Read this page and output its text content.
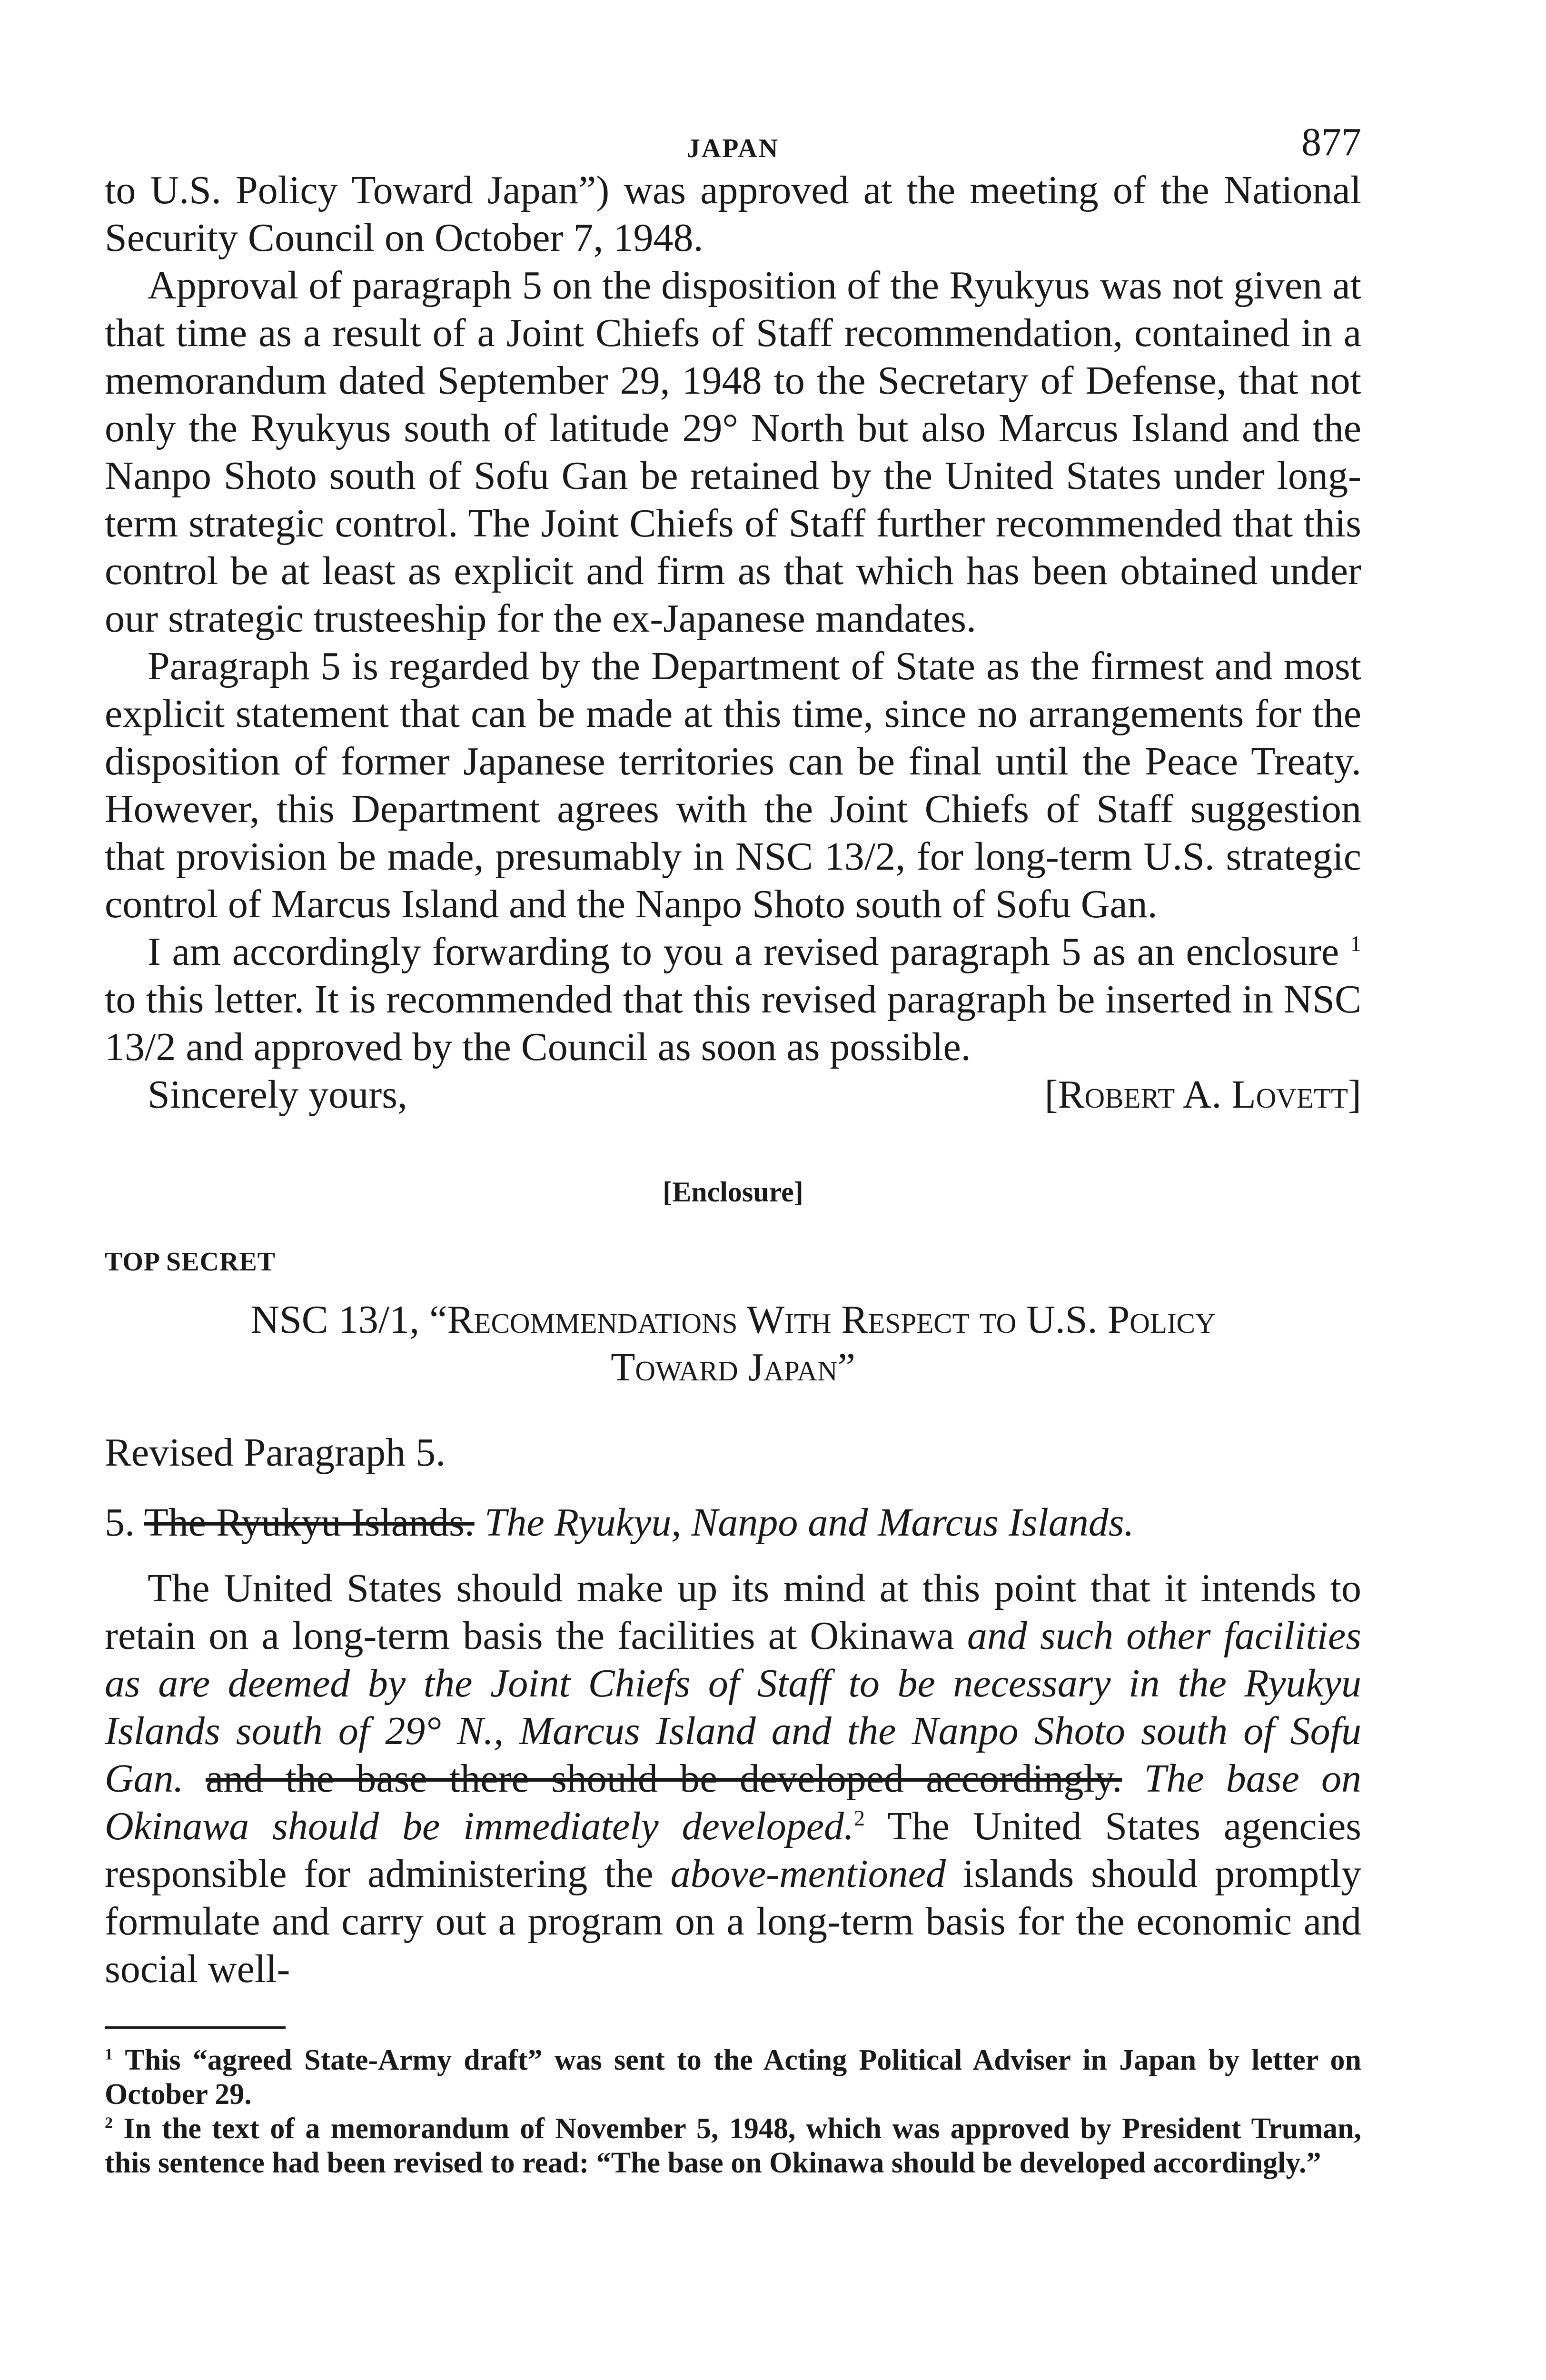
JAPAN	877

to U.S. Policy Toward Japan”) was approved at the meeting of the National Security Council on October 7, 1948.

Approval of paragraph 5 on the disposition of the Ryukyus was not given at that time as a result of a Joint Chiefs of Staff recommendation, contained in a memorandum dated September 29, 1948 to the Secretary of Defense, that not only the Ryukyus south of latitude 29° North but also Marcus Island and the Nanpo Shoto south of Sofu Gan be retained by the United States under long-term strategic control. The Joint Chiefs of Staff further recommended that this control be at least as explicit and firm as that which has been obtained under our strategic trusteeship for the ex-Japanese mandates.

Paragraph 5 is regarded by the Department of State as the firmest and most explicit statement that can be made at this time, since no arrangements for the disposition of former Japanese territories can be final until the Peace Treaty. However, this Department agrees with the Joint Chiefs of Staff suggestion that provision be made, presumably in NSC 13/2, for long-term U.S. strategic control of Marcus Island and the Nanpo Shoto south of Sofu Gan.

I am accordingly forwarding to you a revised paragraph 5 as an enclosure $^1$ to this letter. It is recommended that this revised paragraph be inserted in NSC 13/2 and approved by the Council as soon as possible.

Sincerely yours,	[Robert A. Lovett]
[Enclosure]
TOP SECRET
NSC 13/1, “Recommendations With Respect to U.S. Policy
Toward Japan”
Revised Paragraph 5.
5. The Ryukyu Islands. The Ryukyu, Nanpo and Marcus Islands.

The United States should make up its mind at this point that it intends to retain on a long-term basis the facilities at Okinawa and such other facilities as are deemed by the Joint Chiefs of Staff to be necessary in the Ryukyu Islands south of 29° N., Marcus Island and the Nanpo Shoto south of Sofu Gan. and the base there should be developed accordingly. The base on Okinawa should be immediately developed.$^2$ The United States agencies responsible for administering the above-mentioned islands should promptly formulate and carry out a program on a long-term basis for the economic and social well-

$^1$ This “agreed State-Army draft” was sent to the Acting Political Adviser in Japan by letter on October 29.

$^2$ In the text of a memorandum of November 5, 1948, which was approved by President Truman, this sentence had been revised to read: “The base on Okinawa should be developed accordingly.”
